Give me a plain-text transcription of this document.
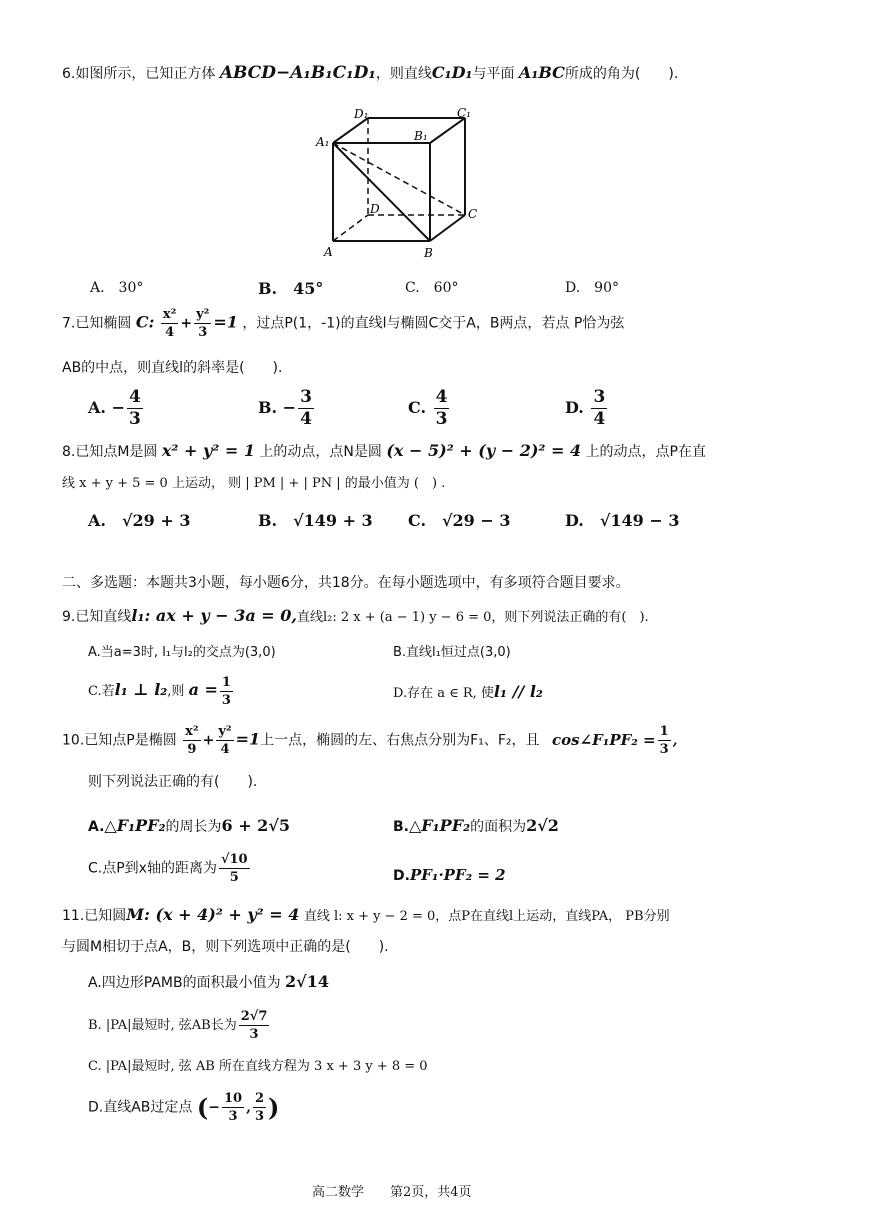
6.如图所示，已知正方体 ABCD−A₁B₁C₁D₁，则直线C₁D₁与平面 A₁BC所成的角为(　　).
D₁	C₁
A₁	B₁
D	C
A	B
A.　30°	B.　45°	C.　60°	D.　90°
7.已知椭圆 C: $\frac{\text{x²}}{4} + \frac{\text{y²}}{3} =1$ ，过点P(1，-1)的直线l与椭圆C交于A，B两点，若点 P恰为弦
AB的中点，则直线l的斜率是(　　).
A. − $\frac{4}{3}$	B. − $\frac{3}{4}$	C. $\frac{4}{3}$	D. $\frac{3}{4}$
8.已知点M是圆 x² + y² = 1 上的动点，点N是圆 (x − 5)² + (y − 2)² = 4 上的动点，点P在直
线 x + y + 5 = 0 上运动， 则 | PM | + | PN | 的最小值为 (　) .
A.　√29 + 3	B.　√149 + 3 C.　√29 − 3	D.　√149 − 3
二、多选题：本题共3小题，每小题6分，共18分。在每小题选项中，有多项符合题目要求。
9.已知直线l₁: ax + y − 3a = 0,直线l₂: 2 x + (a − 1) y − 6 = 0，则下列说法正确的有(　).
A.当a=3时, l₁与l₂的交点为(3,0)	B.直线l₁恒过点(3,0)
C.若l₁ ⊥ l₂,则 $a = \frac{1}{3}$	D.存在 a ∈ R, 使l₁ // l₂
10.已知点P是椭圆 $\frac{\text{x²}}{9} + \frac{\text{y²}}{4} =1$上一点，椭圆的左、右焦点分别为F₁、F₂，且 cos∠F₁PF₂ = $\frac{1}{3}$ ,
则下列说法正确的有(　　).
A.△F₁PF₂的周长为6 + 2√5	B.△F₁PF₂的面积为2√2
C.点P到x轴的距离为 $\frac{√10}{5}$	D.PF₁·PF₂ = 2
11.已知圆M: (x + 4)² + y² = 4 直线 l: x + y − 2 = 0，点P在直线l上运动，直线PA， PB分别
与圆M相切于点A，B，则下列选项中正确的是(　　).
A.四边形PAMB的面积最小值为 2√14
B. |PA|最短时, 弦AB长为 $\frac{2√7}{3}$
C. |PA|最短时, 弦 AB 所在直线方程为 3 x + 3 y + 8 = 0
D.直线AB过定点 (− $\frac{10}{3}$ , $\frac{2}{3}$ )
高二数学　　第2页，共4页
